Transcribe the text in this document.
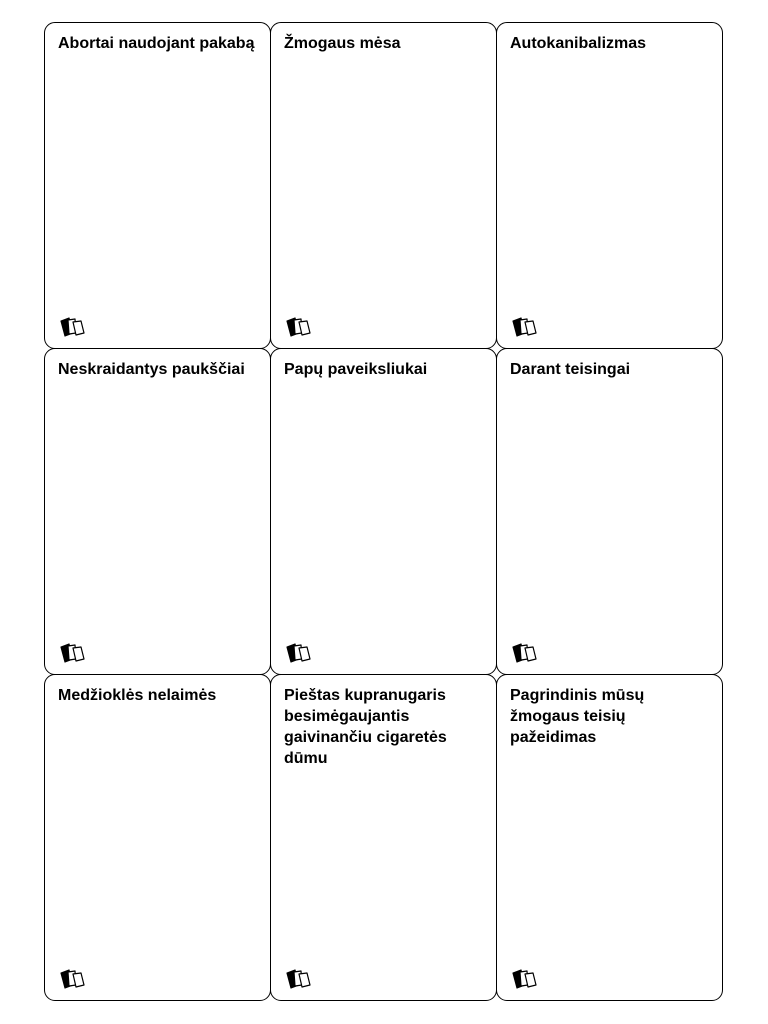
Abortai naudojant pakabą Žmogaus mėsa	Autokanibalizmas
Neskraidantys paukščiai	Papų paveiksliukai	Darant teisingai
Medžioklės nelaimės	Pieštas kupranugaris besimėgaujantis gaivinančiu cigaretės dūmu
Pagrindinis mūsų žmogaus teisių pažeidimas
